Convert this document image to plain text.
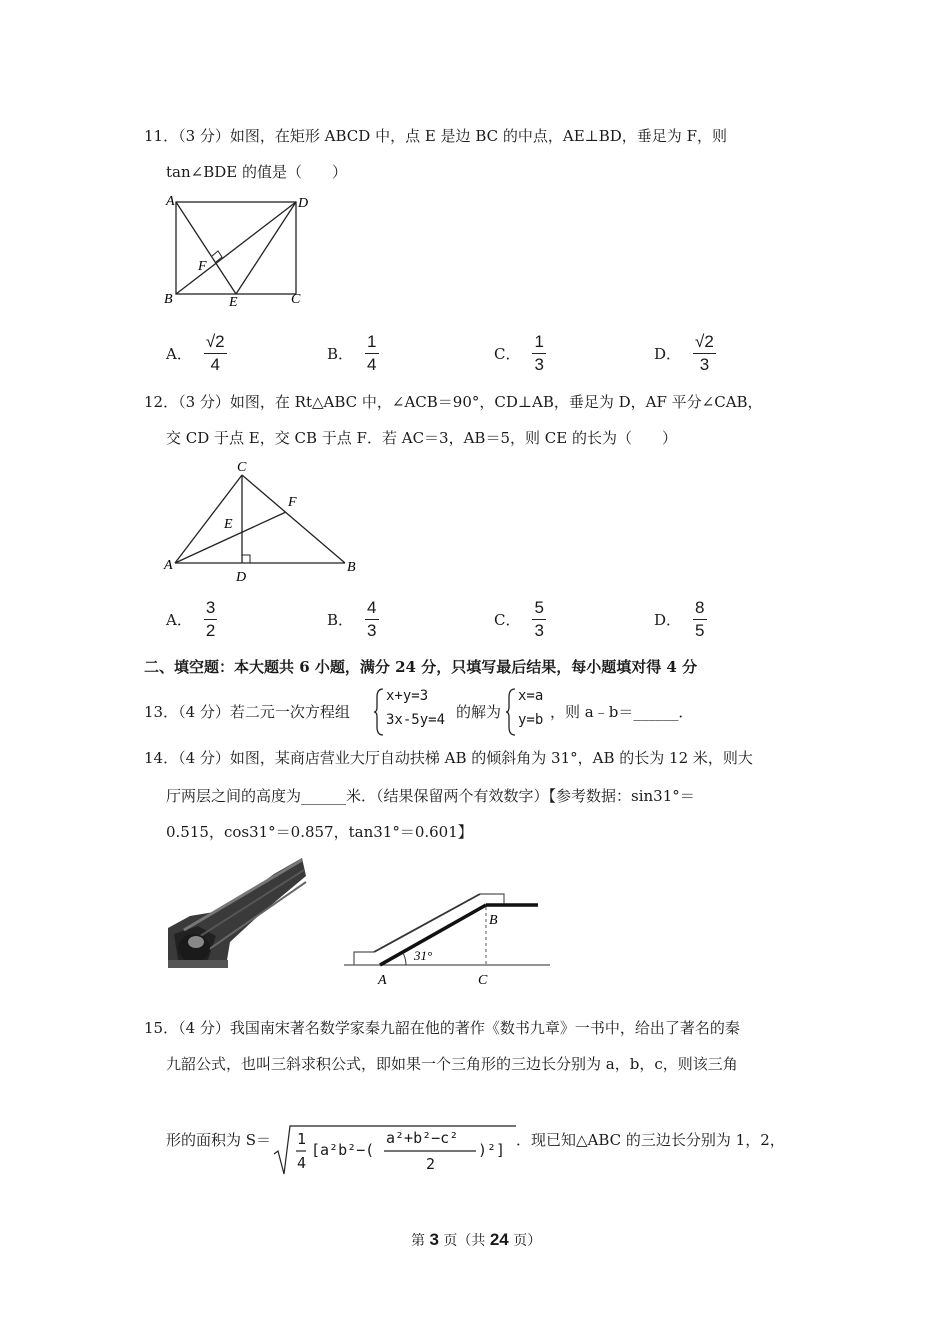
11．（3 分）如图，在矩形 ABCD 中，点 E 是边 BC 的中点，AE⊥BD，垂足为 F，则
tan∠BDE 的值是（　　）
A	D
F
B	E	C
A． $\frac{√2}{4}$	B． $\frac{1}{4}$	C． $\frac{1}{3}$	D． $\frac{√2}{3}$
12．（3 分）如图，在 Rt△ABC 中，∠ACB＝90°，CD⊥AB，垂足为 D，AF 平分∠CAB，
交 CD 于点 E，交 CB 于点 F．若 AC＝3，AB＝5，则 CE 的长为（　　）
C
F
E
A
D
B
A． $\frac{3}{2}$	B． $\frac{4}{3}$	C． $\frac{5}{3}$	D． $\frac{8}{5}$
二、填空题：本大题共 6 小题，满分 24 分，只填写最后结果，每小题填对得 4 分
13．（4 分）若二元一次方程组
x+y=3
3x-5y=4 的解为
x=a
y=b ，则 a﹣b＝______．
14．（4 分）如图，某商店营业大厅自动扶梯 AB 的倾斜角为 31°，AB 的长为 12 米，则大
厅两层之间的高度为______米．（结果保留两个有效数字）【参考数据：sin31°＝
0.515，cos31°＝0.857，tan31°＝0.601】
B
31°
A	C
15．（4 分）我国南宋著名数学家秦九韶在他的著作《数书九章》一书中，给出了著名的秦
九韶公式，也叫三斜求积公式，即如果一个三角形的三边长分别为 a，b，c，则该三角
形的面积为 S＝ 1
4
[a²b²−(
a²+b²−c²
2
)²]
．现已知△ABC 的三边长分别为 1，2，
第 3 页（共 24 页）
